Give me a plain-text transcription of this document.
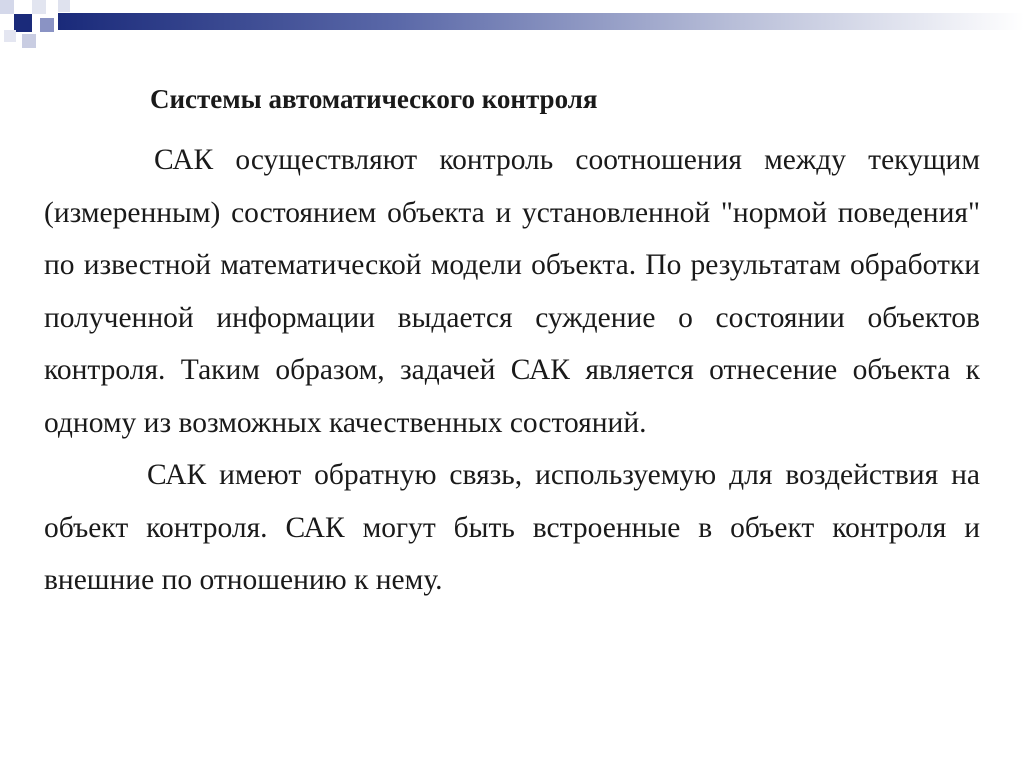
Системы автоматического контроля

САК осуществляют контроль соотношения между текущим (измеренным) состоянием объекта и установленной "нормой поведения" по известной математической модели объекта. По результатам обработки полученной информации выдается суждение о состоянии объектов контроля. Таким образом, задачей САК является отнесение объекта к одному из возможных качественных состояний.

САК имеют обратную связь, используемую для воздействия на объект контроля. САК могут быть встроенные в объект контроля и внешние по отношению к нему.
